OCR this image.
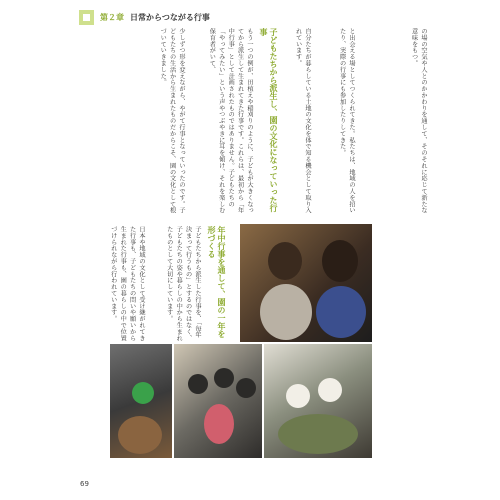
第２章 日常からつながる行事
の場の空気や人とのかかわりを通して、そのそれに応じて新たな意味をもつ。
と出会える場としてつくられてきた。私たちは、地域の人を招いたり、実際の行事にも参加したりしてきた。
自分たちが暮らしている土地の文化を体で知る機会として取り入れています。
子どもたちから派生し、園の文化になっていった行事
もう一つの例が、田植えや稲刈りのように、子どもが大きくなってから派生して生まれてきた行事です。これらは、最初から「年中行事」として計画されたものではありません。子どもたちの「やってみたい」という声やつぶやきに耳を傾け、それを楽しむ保育者がいて、
少しずつ形を変えながら、やがて行事となっていったのです。子どもたちの生活から生まれたものだからこそ、園の文化として根づいていきました。
年中行事を通して、園の一年を形づくる
子どもたちから派生した行事を、「毎年決まって行うもの」とするのではなく、子どもたちの姿や暮らしの中から生まれたものとして大切にしています。
日本や地域の文化として受け継がれてきた行事も、子どもたちの問いや願いから生まれた行事も、園の暮らしの中で位置づけられながら行われています。
69
